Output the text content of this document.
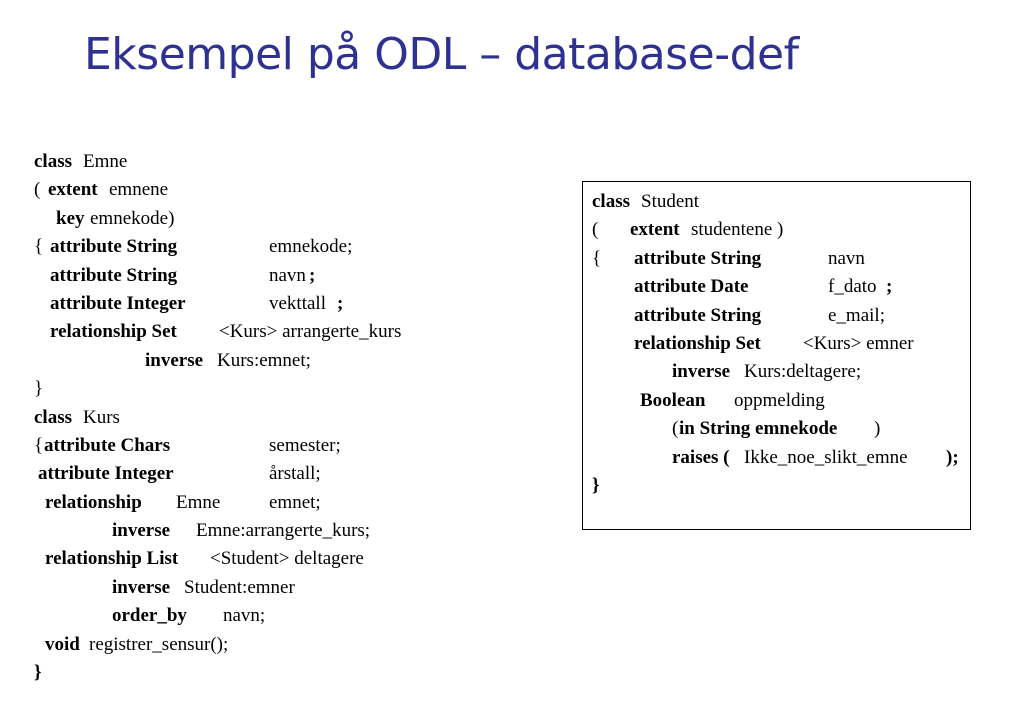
Eksempel på ODL – database-def
class Emne
( extent emnene
key emnekode)
{ attribute String	emnekode;
attribute String	navn ;
attribute Integer	vekttall ;
relationship Set <Kurs> arrangerte_kurs
inverse Kurs:emnet;
}
class Kurs
{ attribute Chars	semester;
attribute Integer	årstall;
relationship Emne	emnet;
inverse Emne:arrangerte_kurs;
relationship List <Student> deltagere
inverse Student:emner
order_by navn;
void registrer_sensur();
}
class Student
( extent studentene )
{ attribute String	navn
attribute Date	f_dato ;
attribute String	e_mail;
relationship Set <Kurs> emner
inverse Kurs:deltagere;
Boolean oppmelding
( in String emnekode )
raises ( Ikke_noe_slikt_emne );
}
